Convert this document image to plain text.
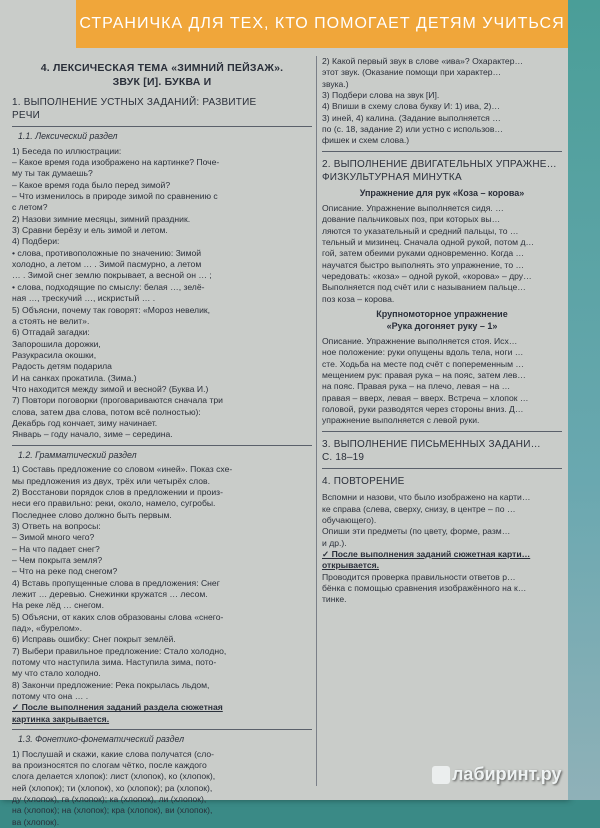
СТРАНИЧКА ДЛЯ ТЕХ, КТО ПОМОГАЕТ ДЕТЯМ УЧИТЬСЯ
4. ЛЕКСИЧЕСКАЯ ТЕМА «ЗИМНИЙ ПЕЙЗАЖ».
ЗВУК [И]. БУКВА И
1. ВЫПОЛНЕНИЕ УСТНЫХ ЗАДАНИЙ: РАЗВИТИЕ
РЕЧИ
1.1. Лексический раздел
1) Беседа по иллюстрации:
– Какое время года изображено на картинке? Поче-
му ты так думаешь?
– Какое время года было перед зимой?
– Что изменилось в природе зимой по сравнению с
с летом?
2) Назови зимние месяцы, зимний праздник.
3) Сравни берёзу и ель зимой и летом.
4) Подбери:
• слова, противоположные по значению: Зимой
холодно, а летом … . Зимой пасмурно, а летом
… . Зимой снег землю покрывает, а весной он … ;
• слова, подходящие по смыслу: белая …, зелё-
ная …, трескучий …, искристый … .
5) Объясни, почему так говорят: «Мороз невелик,
а стоять не велит».
6) Отгадай загадки:
Запорошила дорожки,
Разукрасила окошки,
Радость детям подарила
И на санках прокатила. (Зима.)
Что находится между зимой и весной? (Буква И.)
7) Повтори поговорки (проговариваются сначала три
слова, затем два слова, потом всё полностью):
Декабрь год кончает, зиму начинает.
Январь – году начало, зиме – середина.
1.2. Грамматический раздел
1) Составь предложение со словом «иней». Показ схе-
мы предложения из двух, трёх или четырёх слов.
2) Восстанови порядок слов в предложении и произ-
неси его правильно: реки, около, намело, сугробы.
Последнее слово должно быть первым.
3) Ответь на вопросы:
– Зимой много чего?
– На что падает снег?
– Чем покрыта земля?
– Что на реке под снегом?
4) Вставь пропущенные слова в предложения: Снег
лежит … деревью. Снежинки кружатся … лесом.
На реке лёд … снегом.
5) Объясни, от каких слов образованы слова «снего-
пад», «бурелом».
6) Исправь ошибку: Снег покрыт землёй.
7) Выбери правильное предложение: Стало холодно,
потому что наступила зима. Наступила зима, пото-
му что стало холодно.
8) Закончи предложение: Река покрылась льдом,
потому что она … .
✓ После выполнения заданий раздела сюжетная
картинка закрывается.
1.3. Фонетико-фонематический раздел
1) Послушай и скажи, какие слова получатся (сло-
ва произносятся по слогам чётко, после каждого
слога делается хлопок): лист (хлопок), ко (хлопок),
ней (хлопок); ти (хлопок), хо (хлопок); ра (хлопок),
ду (хлопок), га (хлопок); ка (хлопок), ли (хлопок),
на (хлопок); на (хлопок); кра (хлопок), ви (хлопок),
ва (хлопок).
2) Какой первый звук в слове «ива»? Охарактер…
этот звук. (Оказание помощи при характер…
звука.)
3) Подбери слова на звук [И].
4) Впиши в схему слова букву И: 1) ива, 2)…
3) иней, 4) калина. (Задание выполняется …
по (с. 18, задание 2) или устно с использов…
фишек и схем слова.)
2. ВЫПОЛНЕНИЕ ДВИГАТЕЛЬНЫХ УПРАЖНЕ…
ФИЗКУЛЬТУРНАЯ МИНУТКА
Упражнение для рук «Коза – корова»
Описание. Упражнение выполняется сидя. …
дование пальчиковых поз, при которых вы…
ляются то указательный и средний пальцы, то …
тельный и мизинец. Сначала одной рукой, потом д…
гой, затем обеими руками одновременно. Когда …
научатся быстро выполнять это упражнение, то …
чередовать: «коза» – одной рукой, «корова» – дру…
Выполняется под счёт или с называнием пальце…
поз коза – корова.
Крупномоторное упражнение
«Рука догоняет руку – 1»
Описание. Упражнение выполняется стоя. Исх…
ное положение: руки опущены вдоль тела, ноги …
сте. Ходьба на месте под счёт с попеременным …
мещением рук: правая рука – на пояс, затем лев…
на пояс. Правая рука – на плечо, левая – на …
правая – вверх, левая – вверх. Встреча – хлопок …
головой, руки разводятся через стороны вниз. Д…
упражнение выполняется с левой руки.
3. ВЫПОЛНЕНИЕ ПИСЬМЕННЫХ ЗАДАНИ…
С. 18–19
4. ПОВТОРЕНИЕ
Вспомни и назови, что было изображено на карти…
ке справа (слева, сверху, снизу, в центре – по …
обучающего).
Опиши эти предметы (по цвету, форме, разм…
и др.).
✓ После выполнения заданий сюжетная карти…
открывается.
Проводится проверка правильности ответов р…
бёнка с помощью сравнения изображённого на к…
тинке.
лабиринт.ру
